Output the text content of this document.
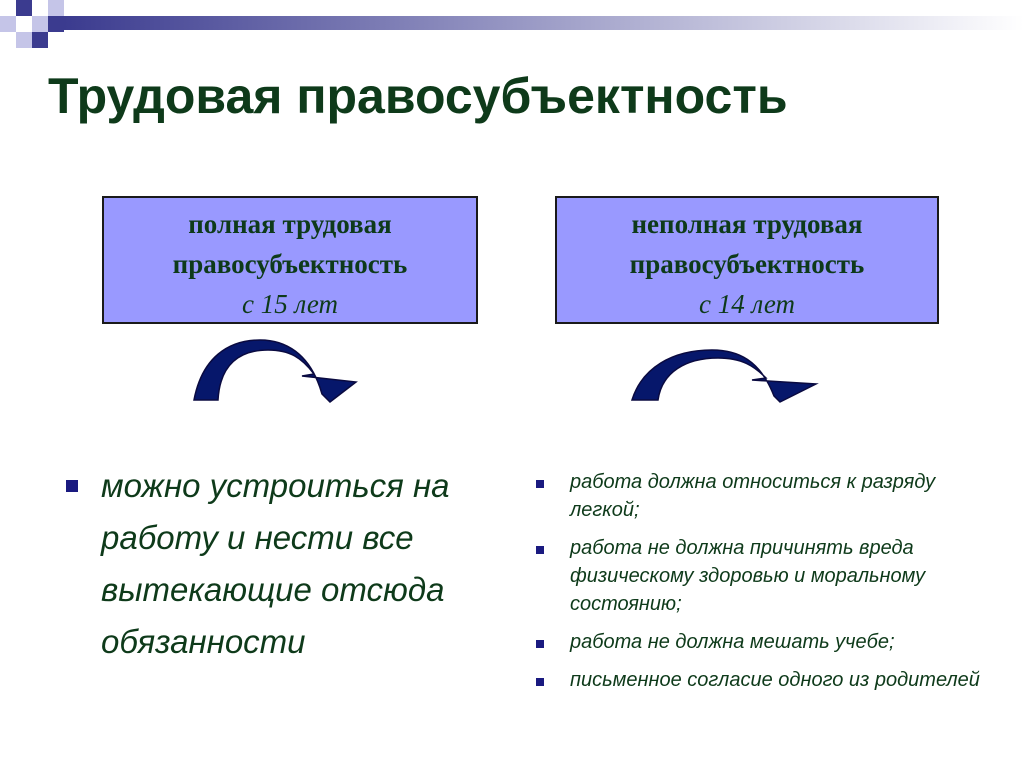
Трудовая правосубъектность
полная трудовая
правосубъектность
с 15 лет
неполная трудовая
правосубъектность
с 14 лет
можно устроиться на работу и нести все вытекающие отсюда обязанности
работа должна относиться к разряду легкой;
работа не должна причинять вреда физическому здоровью и моральному состоянию;
работа не должна мешать учебе;
письменное согласие одного из родителей
